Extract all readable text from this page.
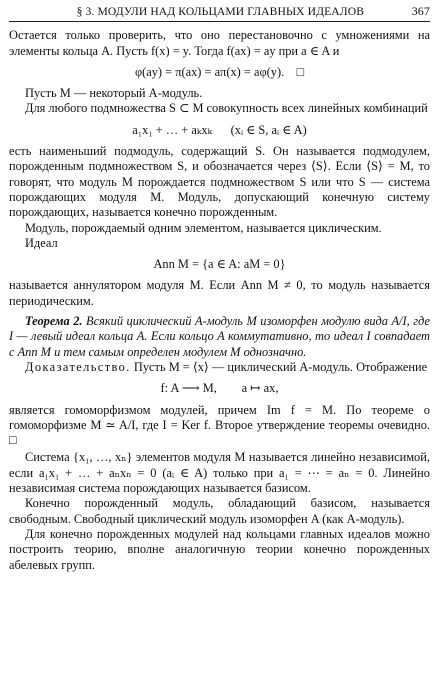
§ 3. МОДУЛИ НАД КОЛЬЦАМИ ГЛАВНЫХ ИДЕАЛОВ	367

Остается только проверить, что оно перестановочно с умножениями на элементы кольца A. Пусть f(x) = y. Тогда f(ax) = ay при a ∈ A и

φ(ay) = π(ax) = aπ(x) = aφ(y).    □

Пусть M — некоторый A-модуль.

Для любого подмножества S ⊂ M совокупность всех линейных комбинаций

a₁x₁ + … + aₖxₖ      (xᵢ ∈ S, aᵢ ∈ A)

есть наименьший подмодуль, содержащий S. Он называется подмодулем, порожденным подмножеством S, и обозначается через ⟨S⟩. Если ⟨S⟩ = M, то говорят, что модуль M порождается подмножеством S или что S — система порождающих модуля M. Модуль, допускающий конечную систему порождающих, называется конечно порожденным.

Модуль, порождаемый одним элементом, называется циклическим.

Идеал

Ann M = {a ∈ A: aM = 0}

называется аннулятором модуля M. Если Ann M ≠ 0, то модуль называется периодическим.

Теорема 2. Всякий циклический A-модуль M изоморфен модулю вида A/I, где I — левый идеал кольца A. Если кольцо A коммутативно, то идеал I совпадает с Ann M и тем самым определен модулем M однозначно.

Доказательство. Пусть M = ⟨x⟩ — циклический A-модуль. Отображение

f: A ⟶ M,        a ↦ ax,

является гомоморфизмом модулей, причем Im f = M. По теореме о гомоморфизме M ≃ A/I, где I = Ker f. Второе утверждение теоремы очевидно. □

Система {x₁, …, xₙ} элементов модуля M называется линейно независимой, если a₁x₁ + … + aₙxₙ = 0 (aᵢ ∈ A) только при a₁ = ⋯ = aₙ = 0. Линейно независимая система порождающих называется базисом.

Конечно порожденный модуль, обладающий базисом, называется свободным. Свободный циклический модуль изоморфен A (как A-модуль).

Для конечно порожденных модулей над кольцами главных идеалов можно построить теорию, вполне аналогичную теории конечно порожденных абелевых групп.
